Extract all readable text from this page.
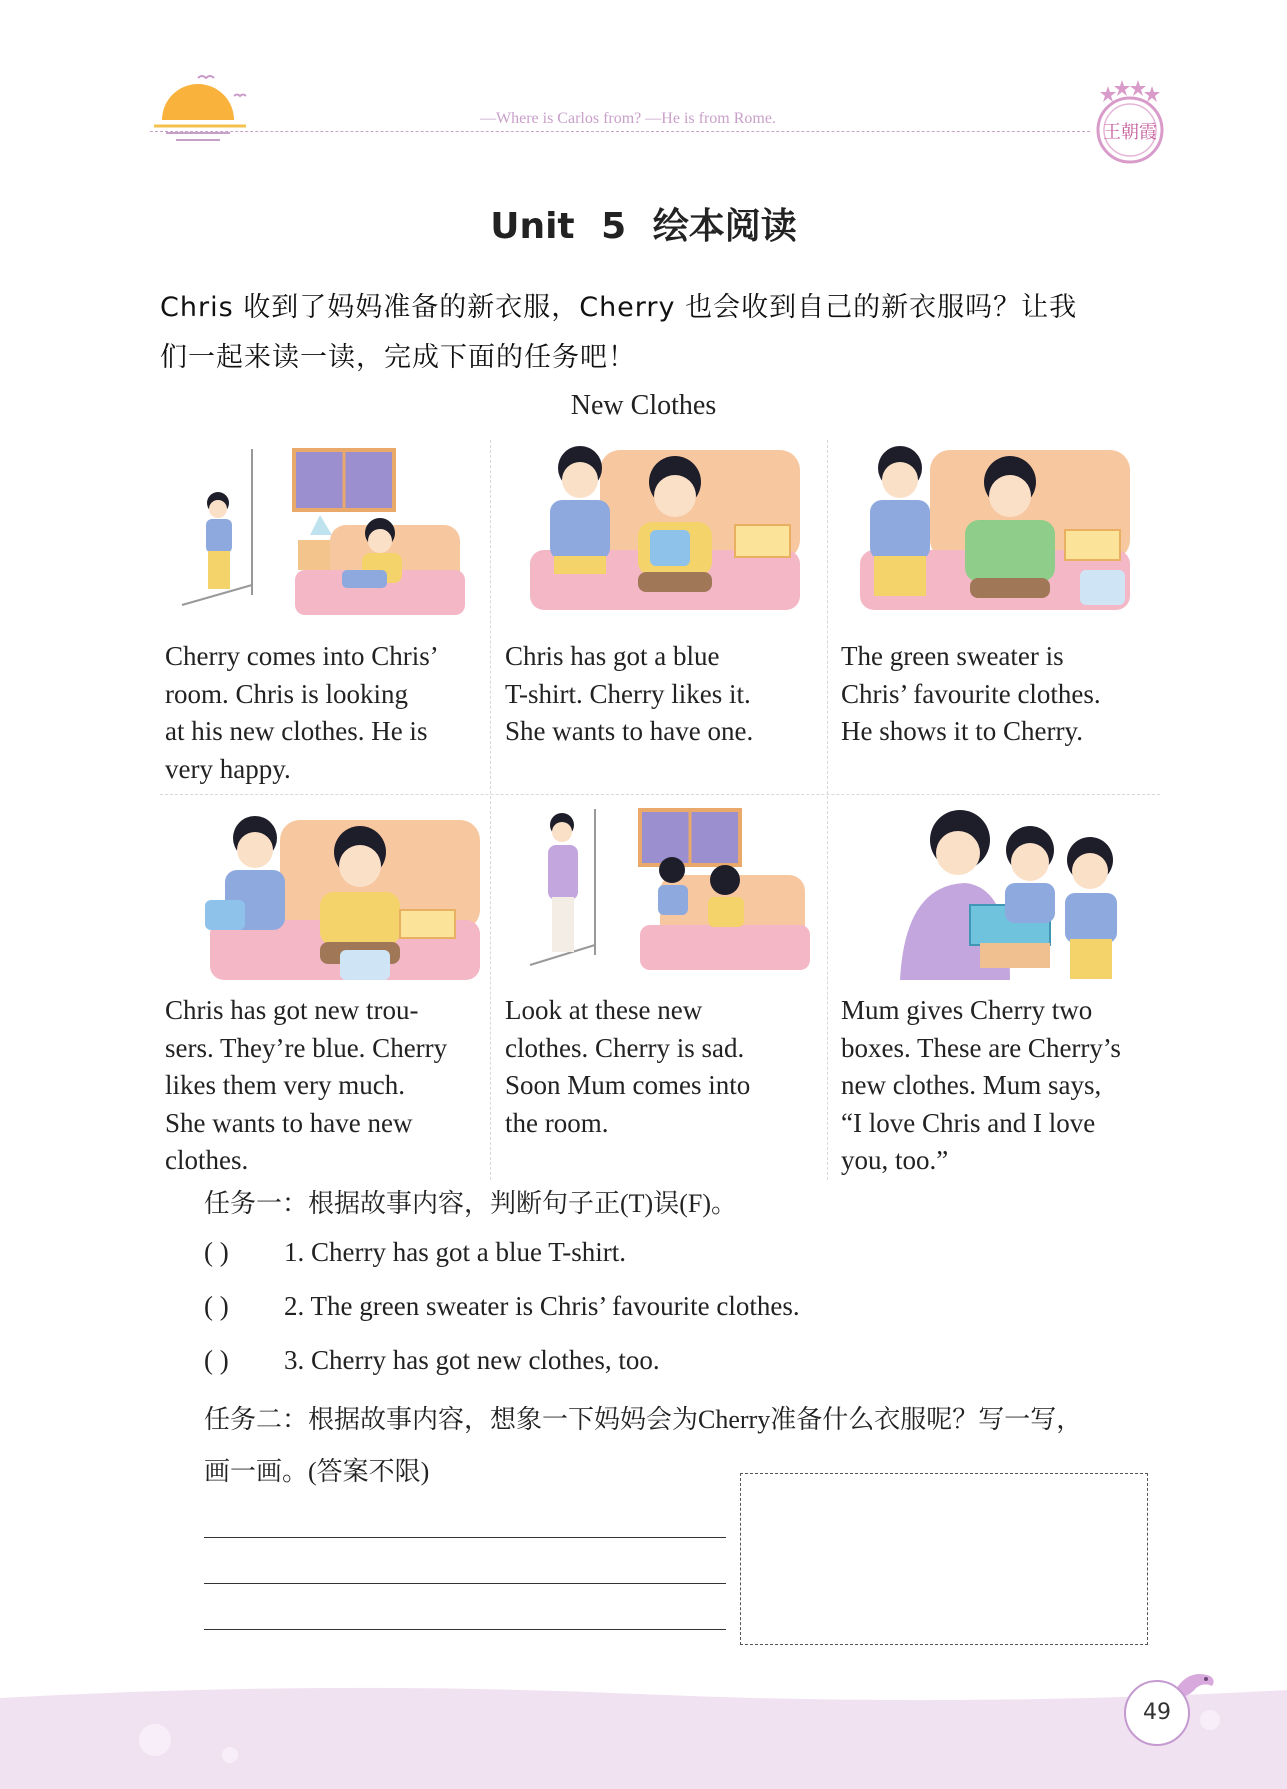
—Where is Carlos from? —He is from Rome.
王朝霞
Unit 5 绘本阅读
Chris 收到了妈妈准备的新衣服，Cherry 也会收到自己的新衣服吗？让我
们一起来读一读，完成下面的任务吧！
New Clothes
Cherry comes into Chris’
room. Chris is looking
at his new clothes. He is
very happy.
Chris has got a blue
T-shirt. Cherry likes it.
She wants to have one.
The green sweater is
Chris’ favourite clothes.
He shows it to Cherry.
Chris has got new trou-
sers. They’re blue. Cherry
likes them very much.
She wants to have new
clothes.
Look at these new
clothes. Cherry is sad.
Soon Mum comes into
the room.
Mum gives Cherry two
boxes. These are Cherry’s
new clothes. Mum says,
“I love Chris and I love
you, too.”
任务一：根据故事内容，判断句子正(T)误(F)。
( ) 1. Cherry has got a blue T-shirt.
( ) 2. The green sweater is Chris’ favourite clothes.
( ) 3. Cherry has got new clothes, too.
任务二：根据故事内容，想象一下妈妈会为Cherry准备什么衣服呢？写一写，
画一画。(答案不限)
49
